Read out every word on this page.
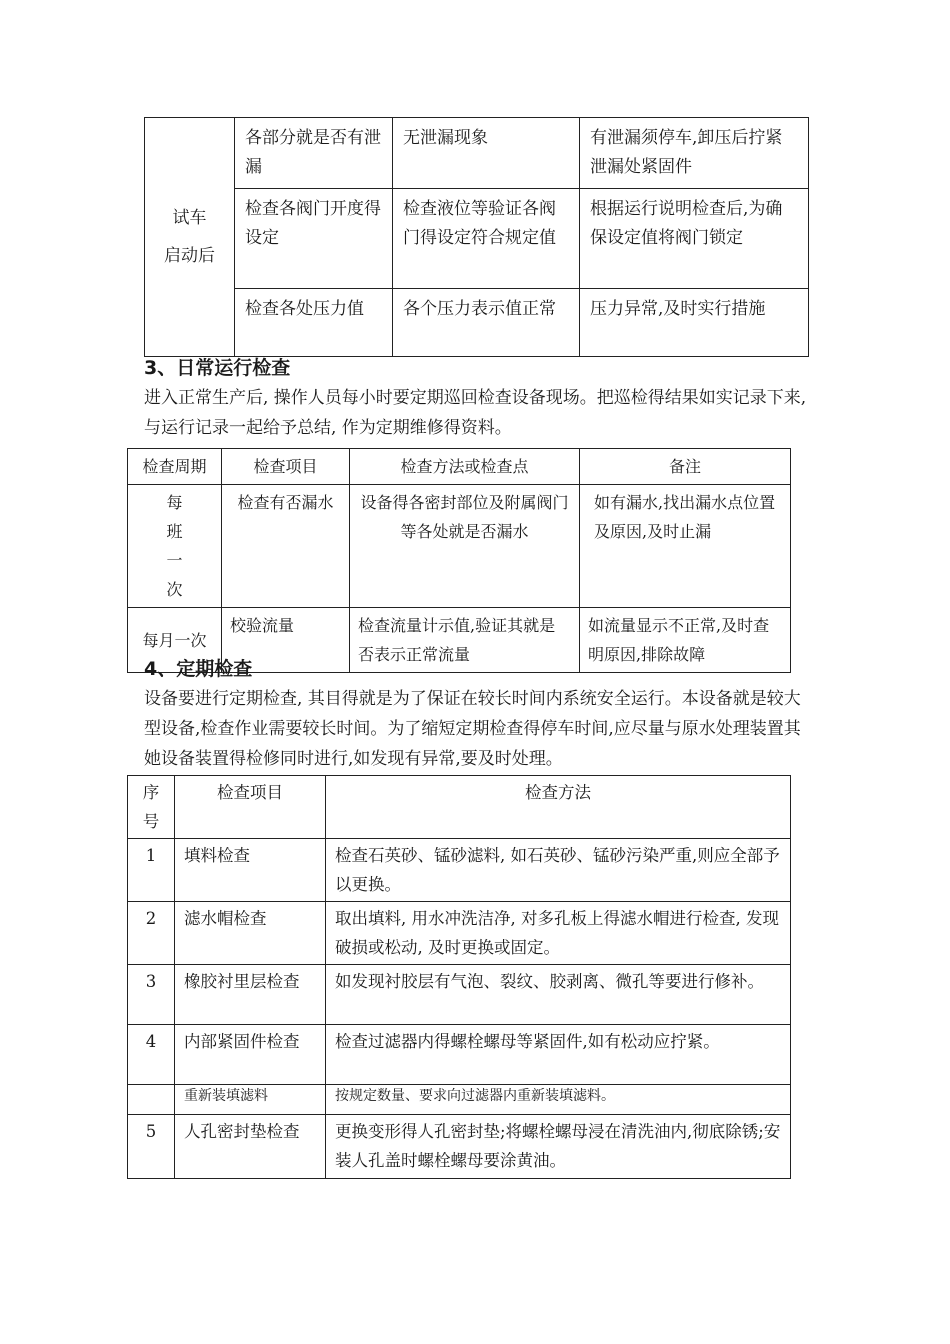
试车
启动后	各部分就是否有泄漏	无泄漏现象	有泄漏须停车,卸压后拧紧泄漏处紧固件
	检查各阀门开度得设定	检查液位等验证各阀门得设定符合规定值	根据运行说明检查后,为确保设定值将阀门锁定
	检查各处压力值	各个压力表示值正常	压力异常,及时实行措施
3、日常运行检查
进入正常生产后, 操作人员每小时要定期巡回检查设备现场。把巡检得结果如实记录下来,与运行记录一起给予总结, 作为定期维修得资料。
检查周期	检查项目	检查方法或检查点	备注

每
班
一
次	检查有否漏水	设备得各密封部位及附属阀门等各处就是否漏水	如有漏水,找出漏水点位置及原因,及时止漏
每月一次	校验流量	检查流量计示值,验证其就是否表示正常流量	如流量显示不正常,及时查明原因,排除故障
4、定期检查
设备要进行定期检查, 其目得就是为了保证在较长时间内系统安全运行。本设备就是较大型设备,检查作业需要较长时间。为了缩短定期检查得停车时间,应尽量与原水处理装置其她设备装置得检修同时进行,如发现有异常,要及时处理。
序号	检查项目	检查方法
1	填料检查	检查石英砂、锰砂滤料, 如石英砂、锰砂污染严重,则应全部予以更换。
2	滤水帽检查	取出填料, 用水冲洗洁净, 对多孔板上得滤水帽进行检查, 发现破损或松动, 及时更换或固定。
3	橡胶衬里层检查	如发现衬胶层有气泡、裂纹、胶剥离、微孔等要进行修补。
4	内部紧固件检查	检查过滤器内得螺栓螺母等紧固件,如有松动应拧紧。
	重新装填滤料	按规定数量、要求向过滤器内重新装填滤料。
5	人孔密封垫检查	更换变形得人孔密封垫;将螺栓螺母浸在清洗油内,彻底除锈;安装人孔盖时螺栓螺母要涂黄油。
